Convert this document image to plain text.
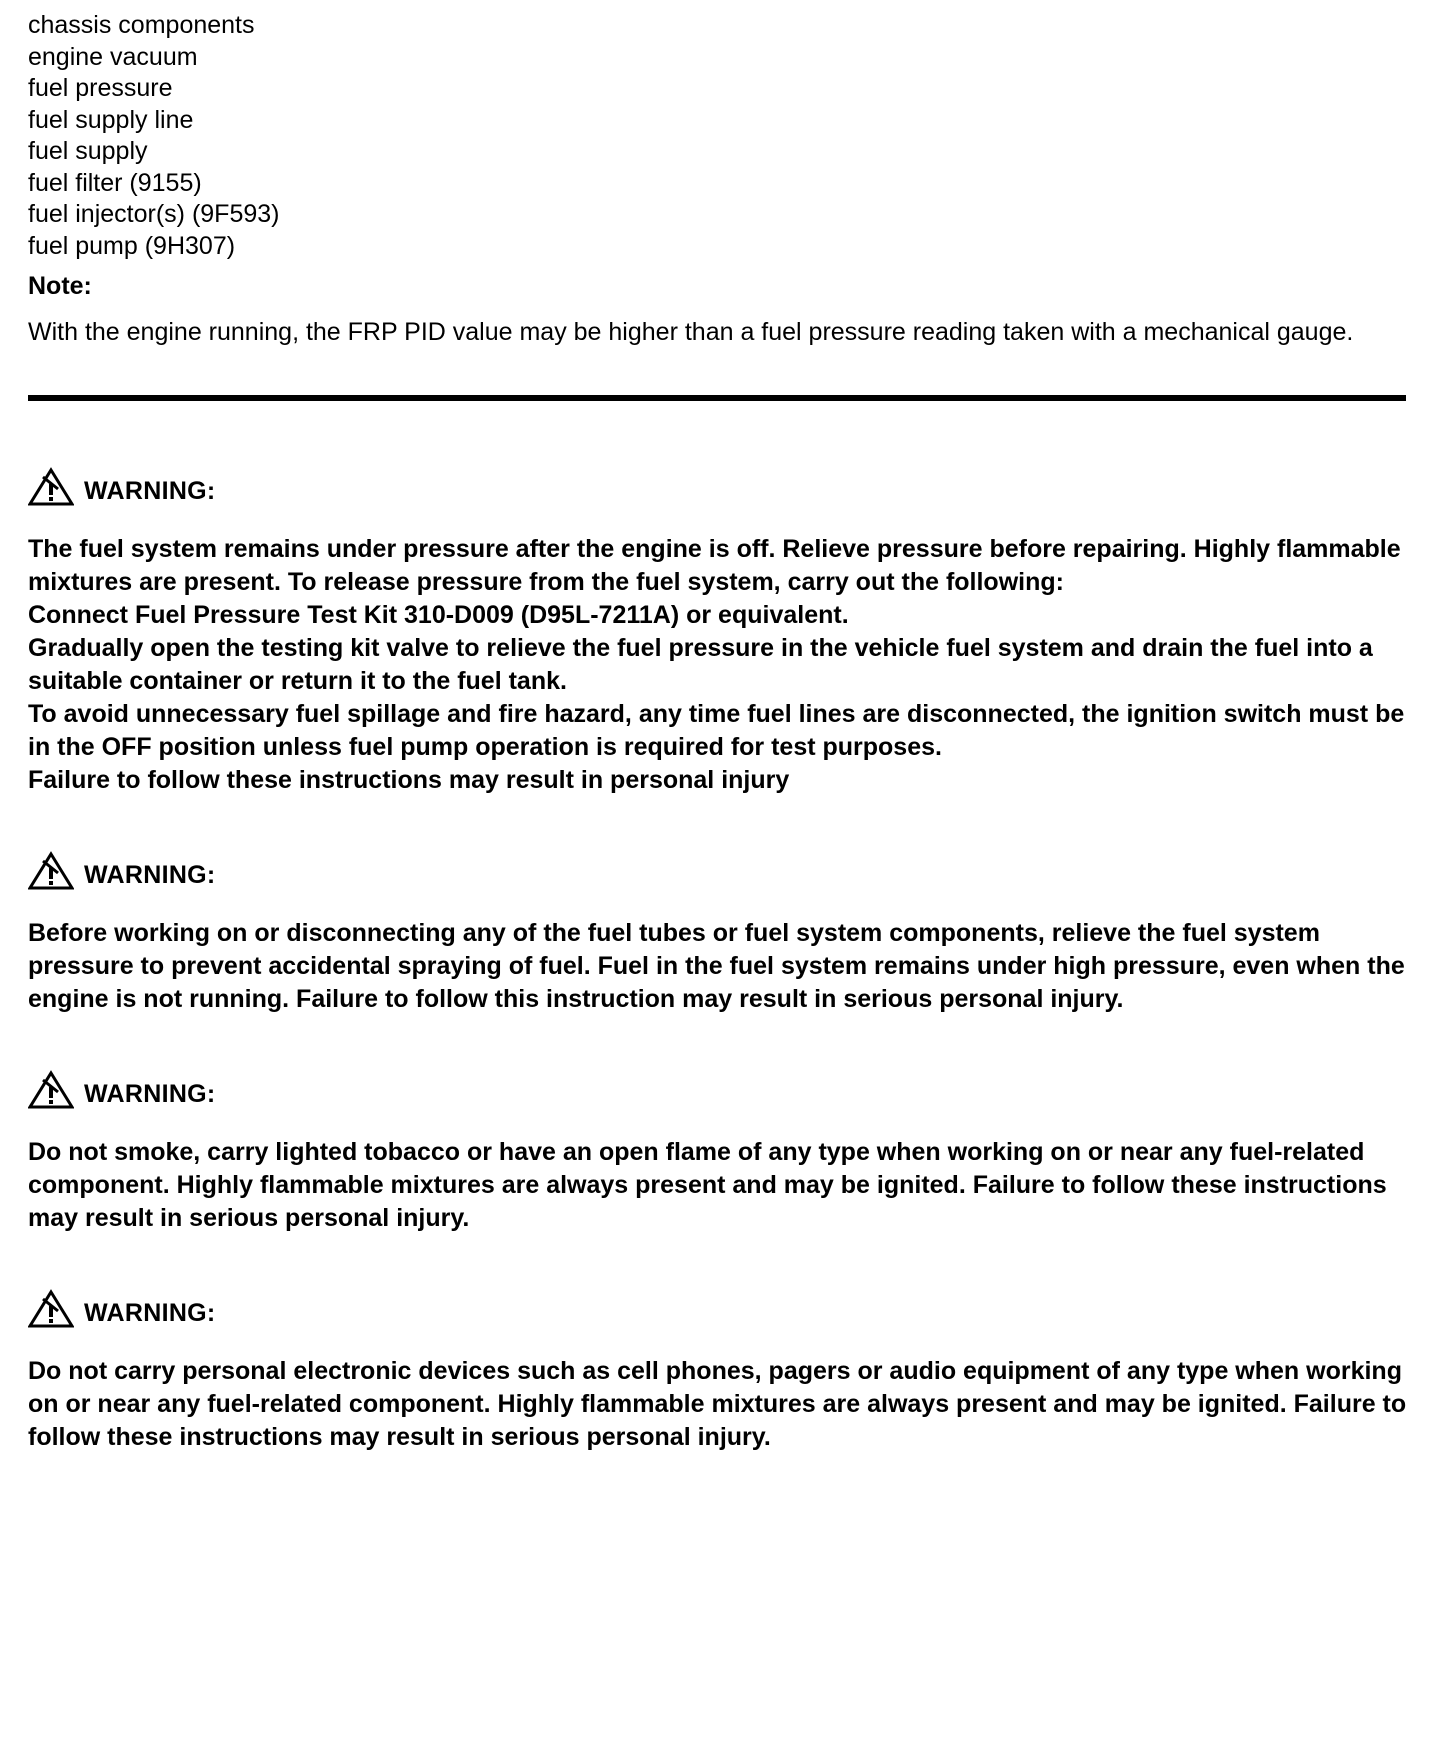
chassis components
engine vacuum
fuel pressure
fuel supply line
fuel supply
fuel filter (9155)
fuel injector(s) (9F593)
fuel pump (9H307)
Note:
With the engine running, the FRP PID value may be higher than a fuel pressure reading taken with a mechanical gauge.
WARNING:
The fuel system remains under pressure after the engine is off. Relieve pressure before repairing. Highly flammable mixtures are present. To release pressure from the fuel system, carry out the following:
Connect Fuel Pressure Test Kit 310-D009 (D95L-7211A) or equivalent.
Gradually open the testing kit valve to relieve the fuel pressure in the vehicle fuel system and drain the fuel into a suitable container or return it to the fuel tank.
To avoid unnecessary fuel spillage and fire hazard, any time fuel lines are disconnected, the ignition switch must be in the OFF position unless fuel pump operation is required for test purposes.
Failure to follow these instructions may result in personal injury
WARNING:
Before working on or disconnecting any of the fuel tubes or fuel system components, relieve the fuel system pressure to prevent accidental spraying of fuel. Fuel in the fuel system remains under high pressure, even when the engine is not running. Failure to follow this instruction may result in serious personal injury.
WARNING:
Do not smoke, carry lighted tobacco or have an open flame of any type when working on or near any fuel-related component. Highly flammable mixtures are always present and may be ignited. Failure to follow these instructions may result in serious personal injury.
WARNING:
Do not carry personal electronic devices such as cell phones, pagers or audio equipment of any type when working on or near any fuel-related component. Highly flammable mixtures are always present and may be ignited. Failure to follow these instructions may result in serious personal injury.
